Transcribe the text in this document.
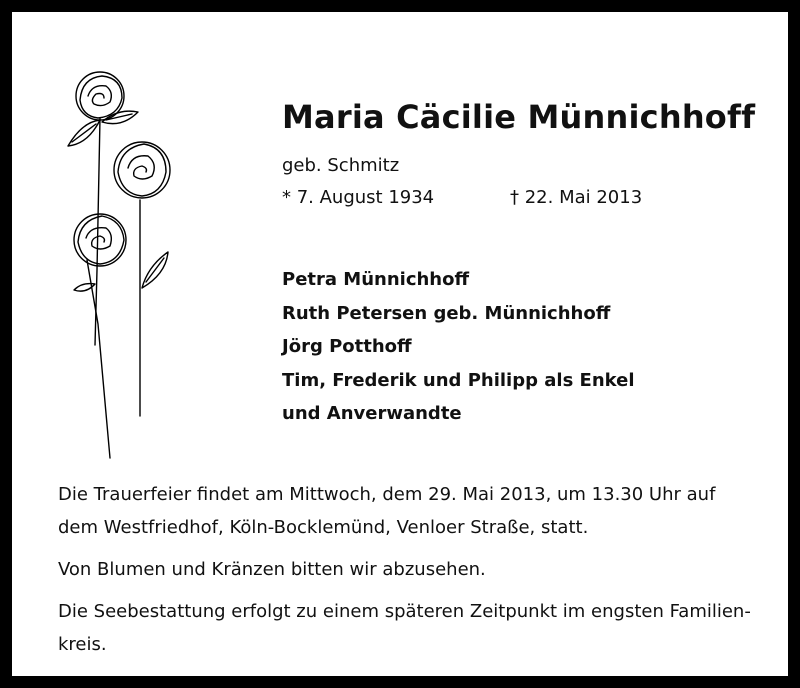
Maria Cäcilie Münnichhoff
geb. Schmitz
* 7. August 1934	† 22. Mai 2013
Petra Münnichhoff
Ruth Petersen geb. Münnichhoff
Jörg Potthoff
Tim, Frederik und Philipp als Enkel
und Anverwandte

Die Trauerfeier findet am Mittwoch, dem 29. Mai 2013, um 13.30 Uhr auf
dem Westfriedhof, Köln-Bocklemünd, Venloer Straße, statt.

Von Blumen und Kränzen bitten wir abzusehen.

Die Seebestattung erfolgt zu einem späteren Zeitpunkt im engsten Familien-
kreis.
